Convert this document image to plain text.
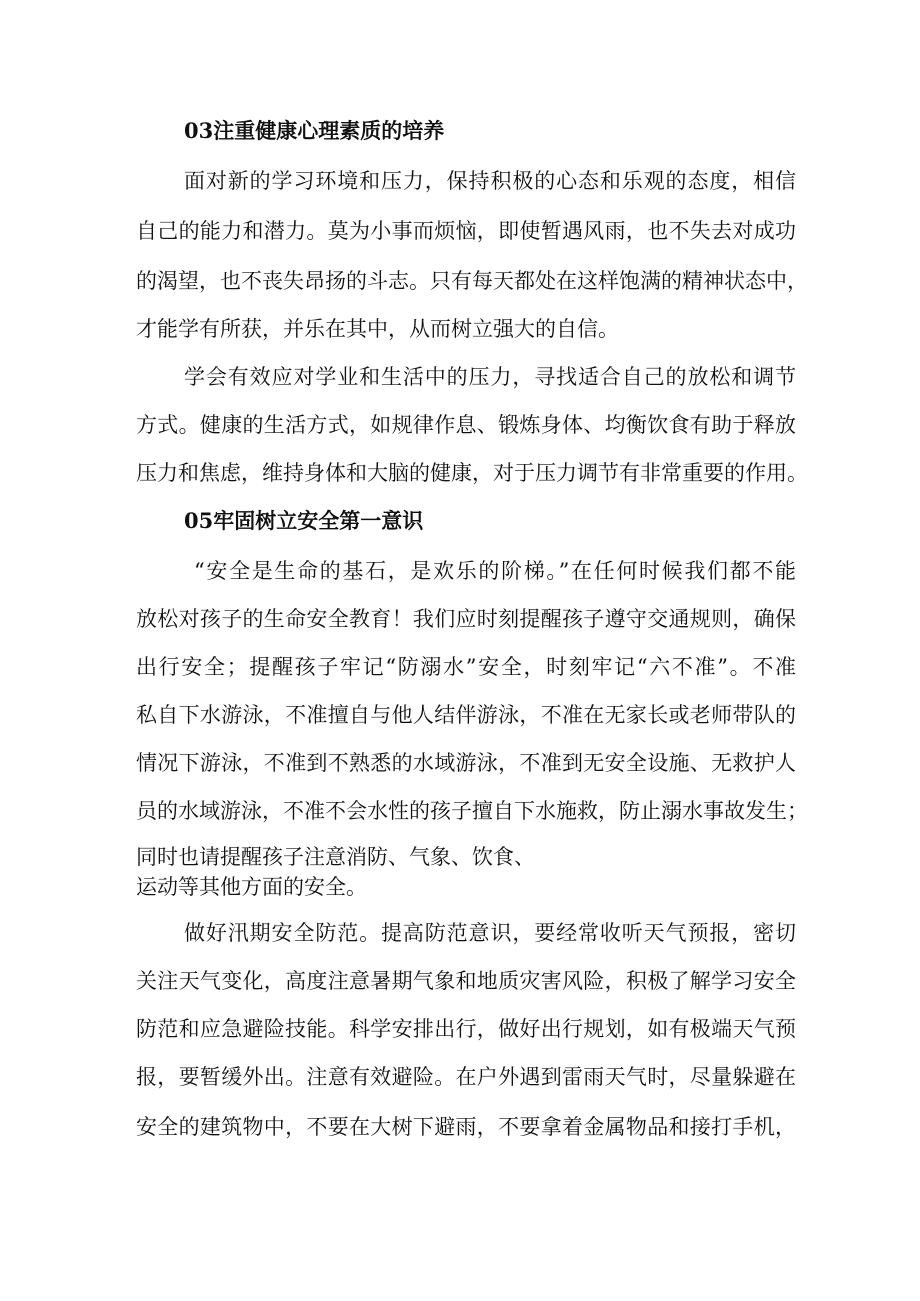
03注重健康心理素质的培养
面对新的学习环境和压力，保持积极的心态和乐观的态度，相信
自己的能力和潜力。莫为小事而烦恼，即使暂遇风雨，也不失去对成功
的渴望，也不丧失昂扬的斗志。只有每天都处在这样饱满的精神状态中，
才能学有所获，并乐在其中，从而树立强大的自信。
学会有效应对学业和生活中的压力，寻找适合自己的放松和调节
方式。健康的生活方式，如规律作息、锻炼身体、均衡饮食有助于释放
压力和焦虑，维持身体和大脑的健康，对于压力调节有非常重要的作用。
05牢固树立安全第一意识
“安全是生命的基石，是欢乐的阶梯。”在任何时候我们都不能
放松对孩子的生命安全教育！我们应时刻提醒孩子遵守交通规则，确保
出行安全；提醒孩子牢记“防溺水”安全，时刻牢记“六不准”。不准
私自下水游泳，不准擅自与他人结伴游泳，不准在无家长或老师带队的
情况下游泳，不准到不熟悉的水域游泳，不准到无安全设施、无救护人
员的水域游泳，不准不会水性的孩子擅自下水施救，防止溺水事故发生；
同时也请提醒孩子注意消防、气象、饮食、
运动等其他方面的安全。
做好汛期安全防范。提高防范意识，要经常收听天气预报，密切
关注天气变化，高度注意暑期气象和地质灾害风险，积极了解学习安全
防范和应急避险技能。科学安排出行，做好出行规划，如有极端天气预
报，要暂缓外出。注意有效避险。在户外遇到雷雨天气时，尽量躲避在
安全的建筑物中，不要在大树下避雨，不要拿着金属物品和接打手机，
